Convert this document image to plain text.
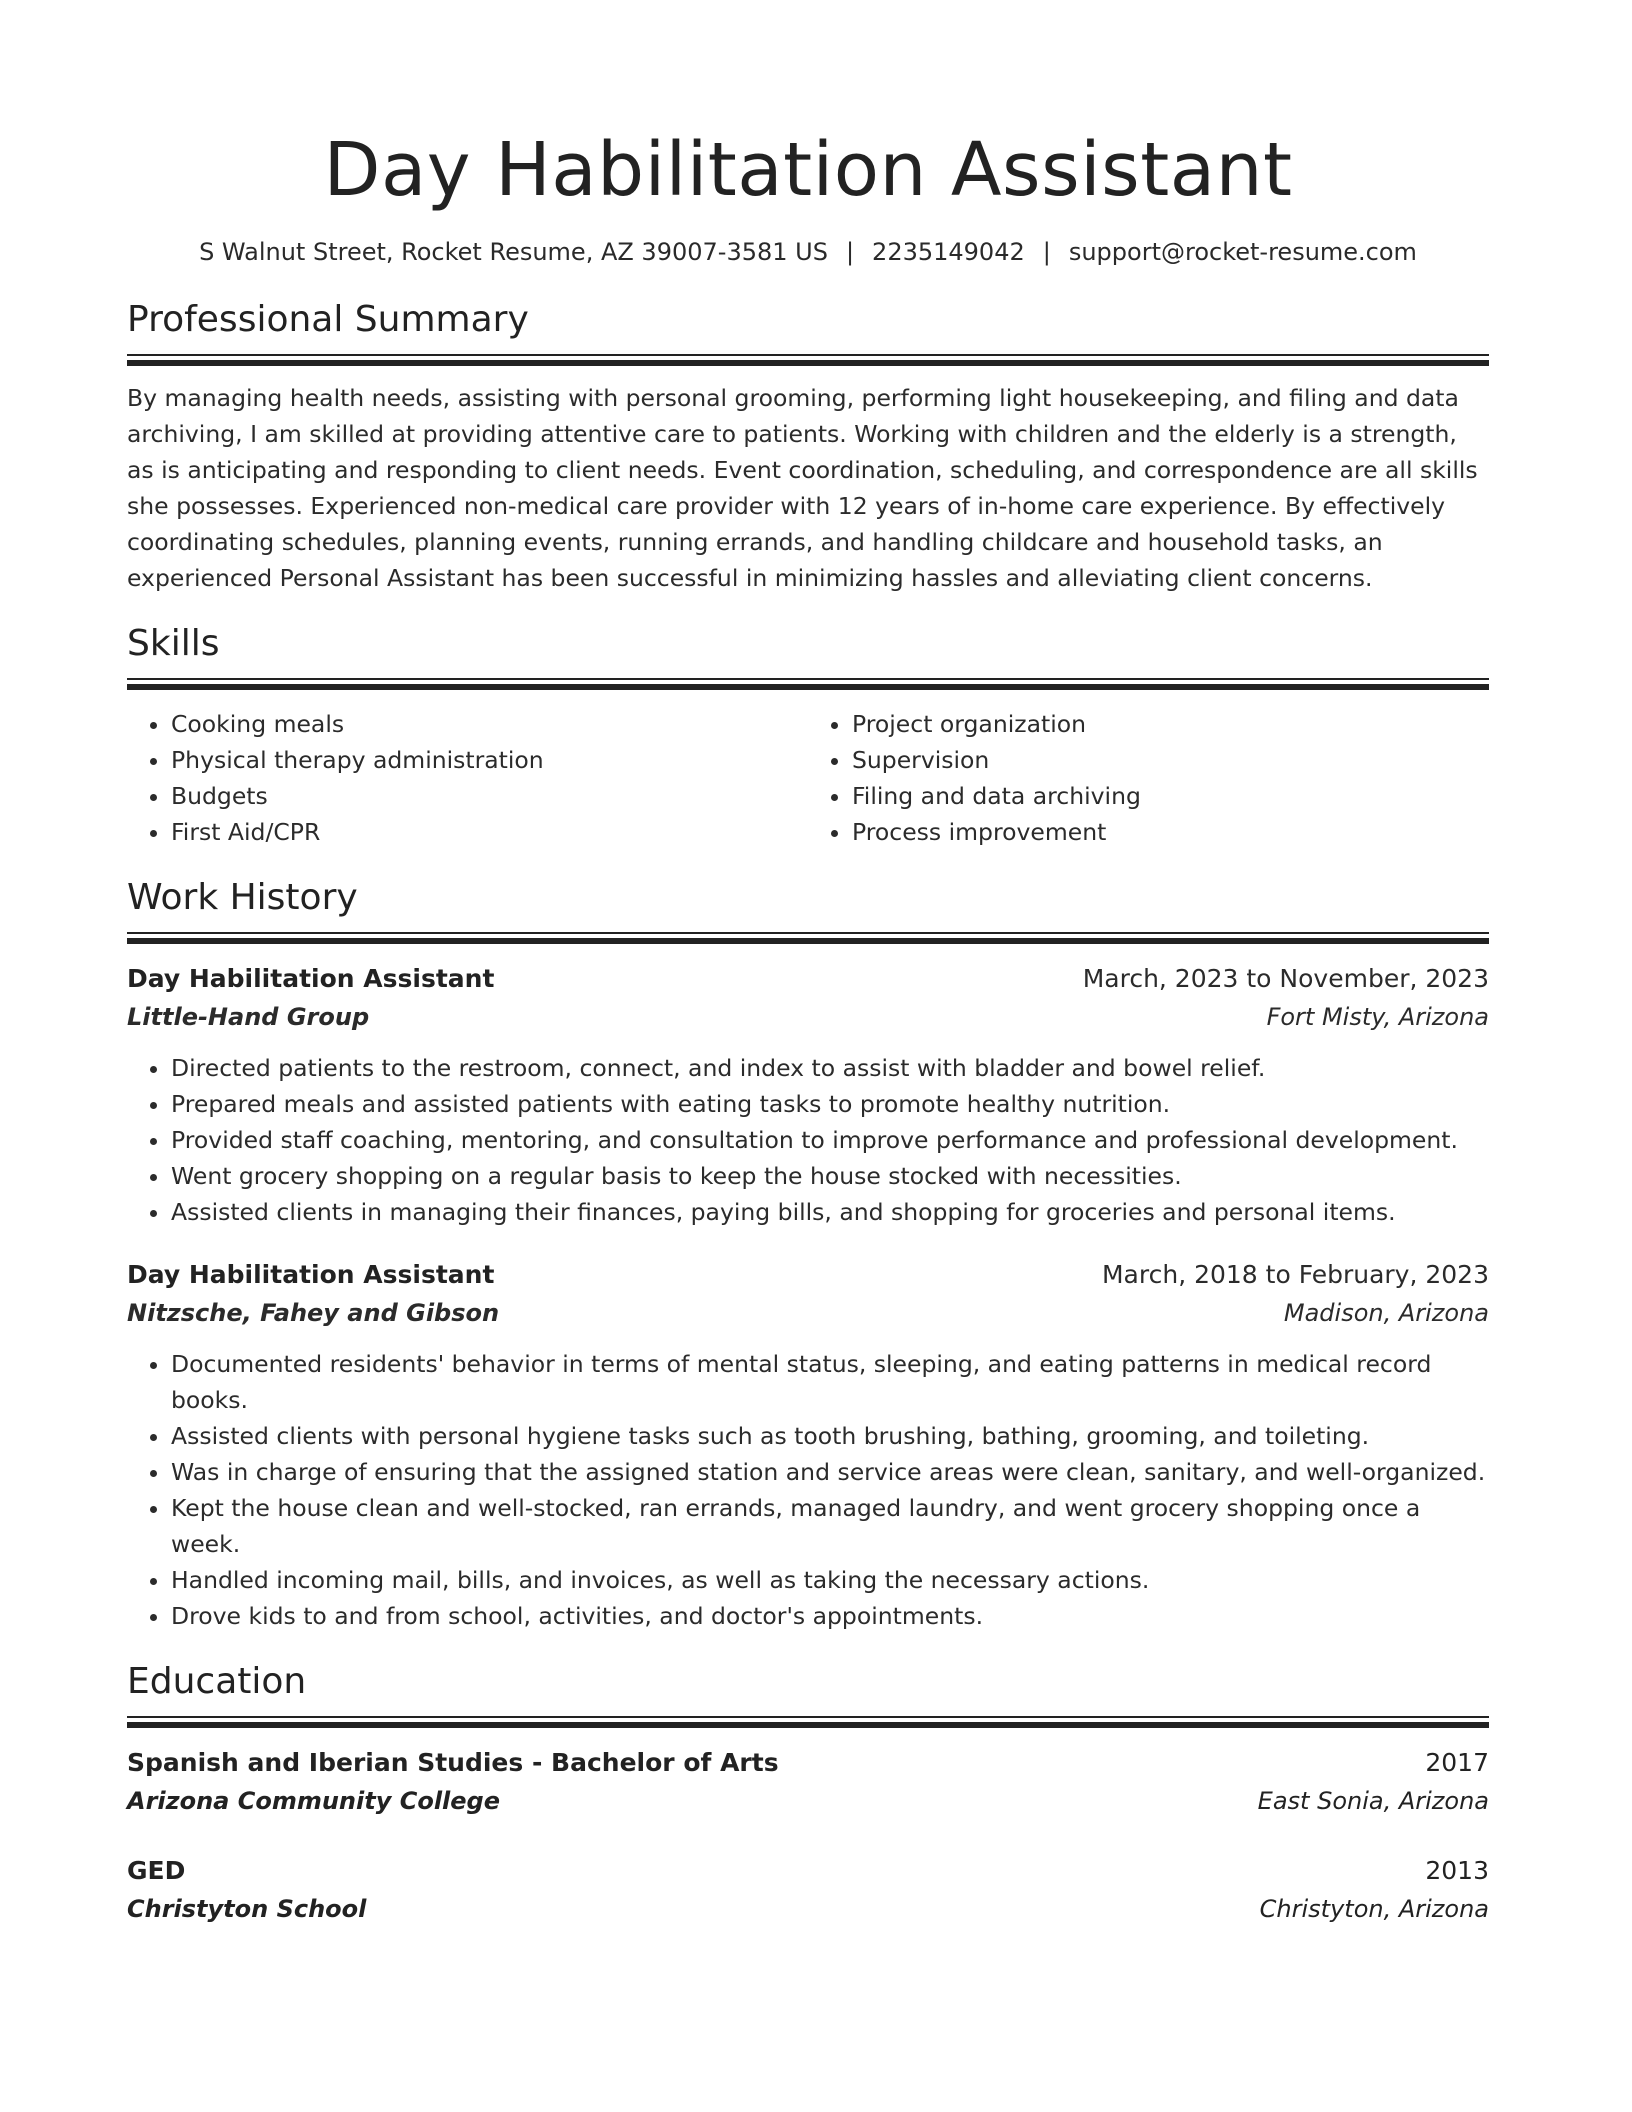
Day Habilitation Assistant
S Walnut Street, Rocket Resume, AZ 39007-3581 US | 2235149042 | support@rocket-resume.com
Professional Summary
By managing health needs, assisting with personal grooming, performing light housekeeping, and filing and data archiving, I am skilled at providing attentive care to patients. Working with children and the elderly is a strength, as is anticipating and responding to client needs. Event coordination, scheduling, and correspondence are all skills she possesses. Experienced non-medical care provider with 12 years of in-home care experience. By effectively coordinating schedules, planning events, running errands, and handling childcare and household tasks, an experienced Personal Assistant has been successful in minimizing hassles and alleviating client concerns.
Skills
• Cooking meals
• Physical therapy administration
• Budgets
• First Aid/CPR
• Project organization
• Supervision
• Filing and data archiving
• Process improvement
Work History
Day Habilitation Assistant	March, 2023 to November, 2023
Little-Hand Group	Fort Misty, Arizona
• Directed patients to the restroom, connect, and index to assist with bladder and bowel relief.
• Prepared meals and assisted patients with eating tasks to promote healthy nutrition.
• Provided staff coaching, mentoring, and consultation to improve performance and professional development.
• Went grocery shopping on a regular basis to keep the house stocked with necessities.
• Assisted clients in managing their finances, paying bills, and shopping for groceries and personal items.
Day Habilitation Assistant	March, 2018 to February, 2023
Nitzsche, Fahey and Gibson	Madison, Arizona
• Documented residents' behavior in terms of mental status, sleeping, and eating patterns in medical record books.
• Assisted clients with personal hygiene tasks such as tooth brushing, bathing, grooming, and toileting.
• Was in charge of ensuring that the assigned station and service areas were clean, sanitary, and well-organized.
• Kept the house clean and well-stocked, ran errands, managed laundry, and went grocery shopping once a week.
• Handled incoming mail, bills, and invoices, as well as taking the necessary actions.
• Drove kids to and from school, activities, and doctor's appointments.
Education
Spanish and Iberian Studies - Bachelor of Arts	2017
Arizona Community College	East Sonia, Arizona
GED	2013
Christyton School	Christyton, Arizona
